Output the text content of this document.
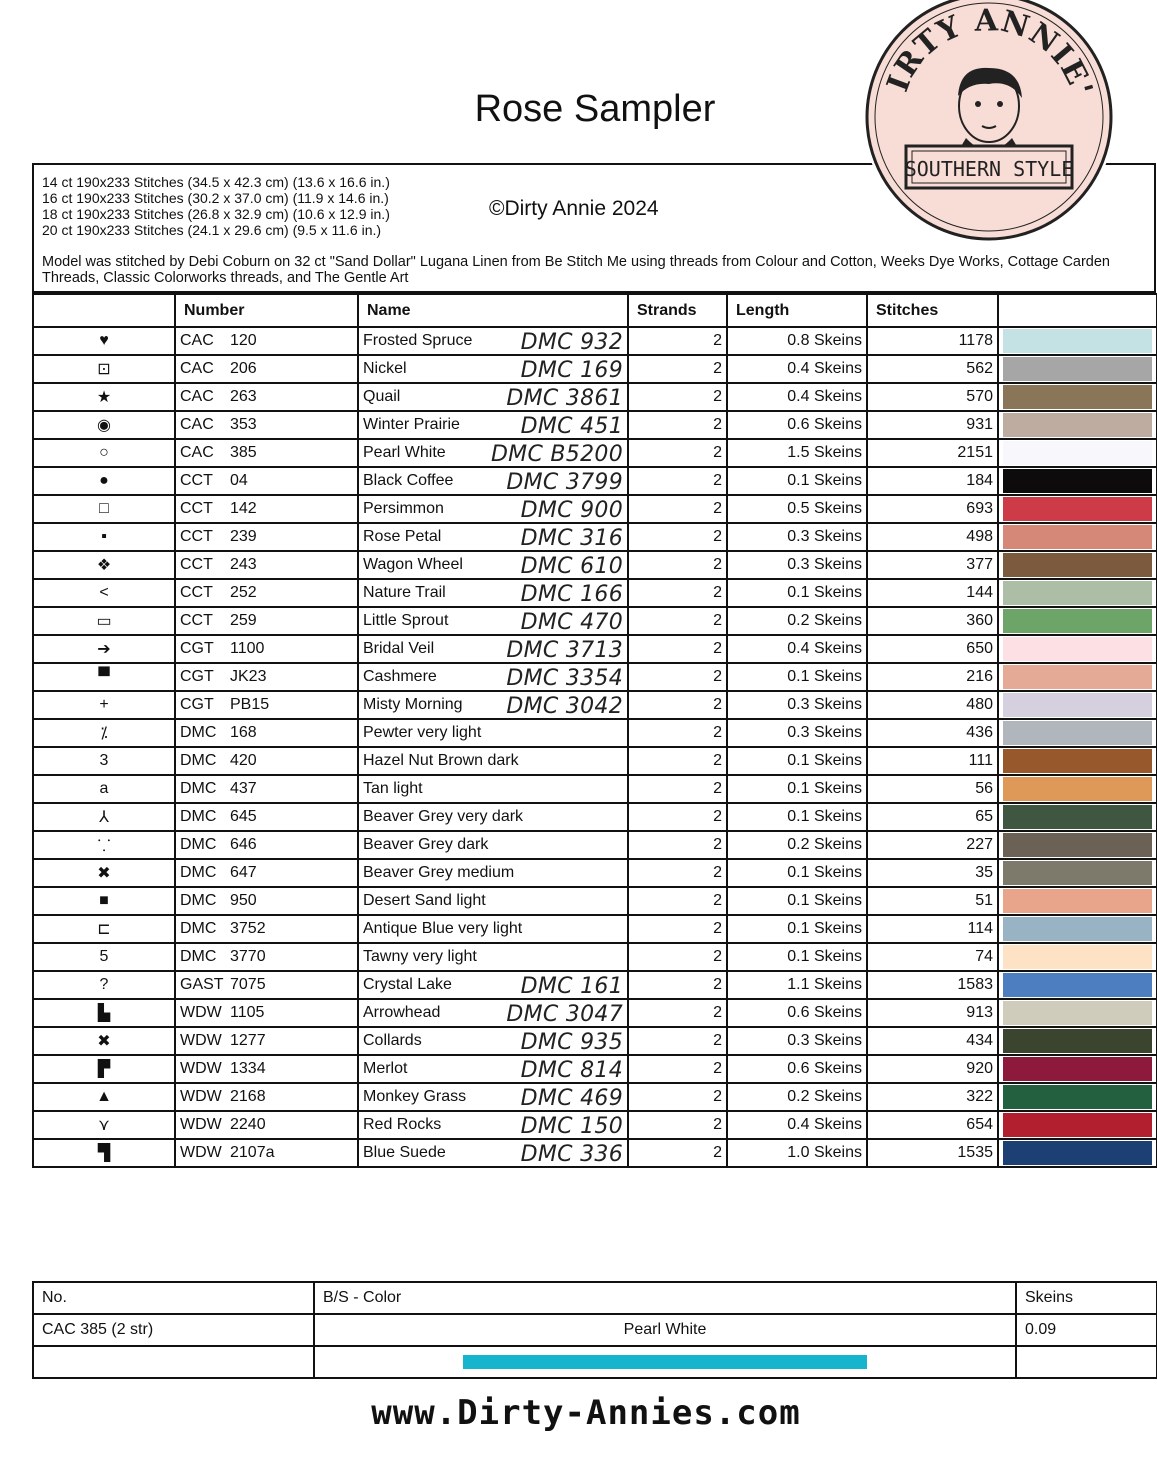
Rose Sampler
14 ct 190x233 Stitches (34.5 x 42.3 cm) (13.6 x 16.6 in.)
16 ct 190x233 Stitches (30.2 x 37.0 cm) (11.9 x 14.6 in.)
18 ct 190x233 Stitches (26.8 x 32.9 cm) (10.6 x 12.9 in.)
20 ct 190x233 Stitches (24.1 x 29.6 cm) (9.5 x 11.6 in.)
©Dirty Annie 2024
Model was stitched by Debi Coburn on 32 ct "Sand Dollar" Lugana Linen from Be Stitch Me using threads from Colour and Cotton, Weeks Dye Works, Cottage Carden Threads, Classic Colorworks threads, and The Gentle Art
IRTY ANNIE'
SOUTHERN STYLE
	Number	Name	Strands	Length	Stitches	
♥	CAC 120	Frosted Spruce DMC 932	2	0.8 Skeins	1178	

⊡	CAC 206	Nickel DMC 169	2	0.4 Skeins	562	

★	CAC 263	Quail DMC 3861	2	0.4 Skeins	570	

◉	CAC 353	Winter Prairie DMC 451	2	0.6 Skeins	931	

○	CAC 385	Pearl White DMC B5200	2	1.5 Skeins	2151	

●	CCT 04	Black Coffee DMC 3799	2	0.1 Skeins	184	

□	CCT 142	Persimmon DMC 900	2	0.5 Skeins	693	

▪	CCT 239	Rose Petal DMC 316	2	0.3 Skeins	498	

❖	CCT 243	Wagon Wheel DMC 610	2	0.3 Skeins	377	

<	CCT 252	Nature Trail DMC 166	2	0.1 Skeins	144	

▭	CCT 259	Little Sprout DMC 470	2	0.2 Skeins	360	

➔	CGT 1100	Bridal Veil DMC 3713	2	0.4 Skeins	650	

▀	CGT JK23	Cashmere DMC 3354	2	0.1 Skeins	216	

+	CGT PB15	Misty Morning DMC 3042	2	0.3 Skeins	480	

⁒	DMC 168	Pewter very light	2	0.3 Skeins	436	

3	DMC 420	Hazel Nut Brown dark	2	0.1 Skeins	111	

a	DMC 437	Tan light	2	0.1 Skeins	56	

⅄	DMC 645	Beaver Grey very dark	2	0.1 Skeins	65	

⸪	DMC 646	Beaver Grey dark	2	0.2 Skeins	227	

✖	DMC 647	Beaver Grey medium	2	0.1 Skeins	35	

■	DMC 950	Desert Sand light	2	0.1 Skeins	51	

⊏	DMC 3752	Antique Blue very light	2	0.1 Skeins	114	

5	DMC 3770	Tawny very light	2	0.1 Skeins	74	

?	GAST 7075	Crystal Lake DMC 161	2	1.1 Skeins	1583	

▙	WDW 1105	Arrowhead DMC 3047	2	0.6 Skeins	913	

✖	WDW 1277	Collards DMC 935	2	0.3 Skeins	434	

▛	WDW 1334	Merlot DMC 814	2	0.6 Skeins	920	

▲	WDW 2168	Monkey Grass DMC 469	2	0.2 Skeins	322	

⋎	WDW 2240	Red Rocks DMC 150	2	0.4 Skeins	654	

▜	WDW 2107a	Blue Suede DMC 336	2	1.0 Skeins	1535	
No.	B/S - Color	Skeins
CAC 385 (2 str)	Pearl White	0.09

www.Dirty-Annies.com
